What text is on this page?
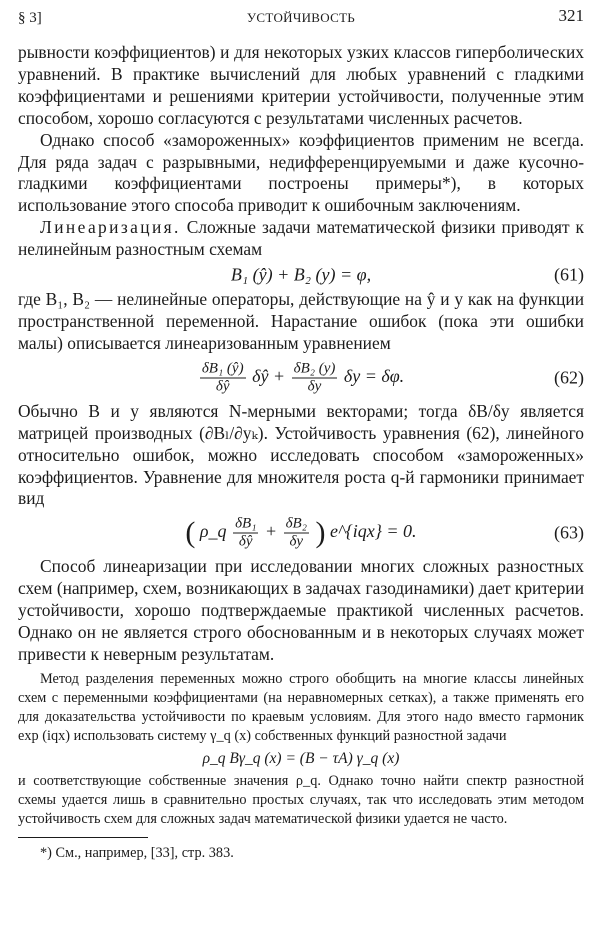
§ 3]	УСТОЙЧИВОСТЬ	321

рывности коэффициентов) и для некоторых узких классов гиперболических уравнений. В практике вычислений для любых уравнений с гладкими коэффициентами и решениями критерии устойчивости, полученные этим способом, хорошо согласуются с результатами численных расчетов.

Однако способ «замороженных» коэффициентов применим не всегда. Для ряда задач с разрывными, недифференцируемыми и даже кусочно-гладкими коэффициентами построены примеры*), в которых использование этого способа приводит к ошибочным заключениям.

Линеаризация. Сложные задачи математической физики приводят к нелинейным разностным схемам

B₁ (ŷ) + B₂ (y) = φ,	(61)

где B₁, B₂ — нелинейные операторы, действующие на ŷ и y как на функции пространственной переменной. Нарастание ошибок (пока эти ошибки малы) описывается линеаризованным уравнением

$\frac{\text{δB₁ (ŷ)}}{\delta ŷ}$ δŷ + $\frac{\text{δB₂ (y)}}{\delta y}$ δy = δφ.	(62)

Обычно B и y являются N-мерными векторами; тогда δB/δy является матрицей производных (∂Bₗ/∂yₖ). Устойчивость уравнения (62), линейного относительно ошибок, можно исследовать способом «замороженных» коэффициентов. Уравнение для множителя роста q-й гармоники принимает вид

( ρ_q $\frac{\text{δB₁}}{\delta ŷ} + \frac{\text{δB₂}}{\delta y}$ ) e^{iqx} = 0.	(63)

Способ линеаризации при исследовании многих сложных разностных схем (например, схем, возникающих в задачах газодинамики) дает критерии устойчивости, хорошо подтверждаемые практикой численных расчетов. Однако он не является строго обоснованным и в некоторых случаях может привести к неверным результатам.

Метод разделения переменных можно строго обобщить на многие классы линейных схем с переменными коэффициентами (на неравномерных сетках), а также применять его для доказательства устойчивости по краевым условиям. Для этого надо вместо гармоник exp (iqx) использовать систему γ_q (x) собственных функций разностной задачи

ρ_q Bγ_q (x) = (B − τA) γ_q (x)

и соответствующие собственные значения ρ_q. Однако точно найти спектр разностной схемы удается лишь в сравнительно простых случаях, так что исследовать этим методом устойчивость схем для сложных задач математической физики удается не часто.

*) См., например, [33], стр. 383.
